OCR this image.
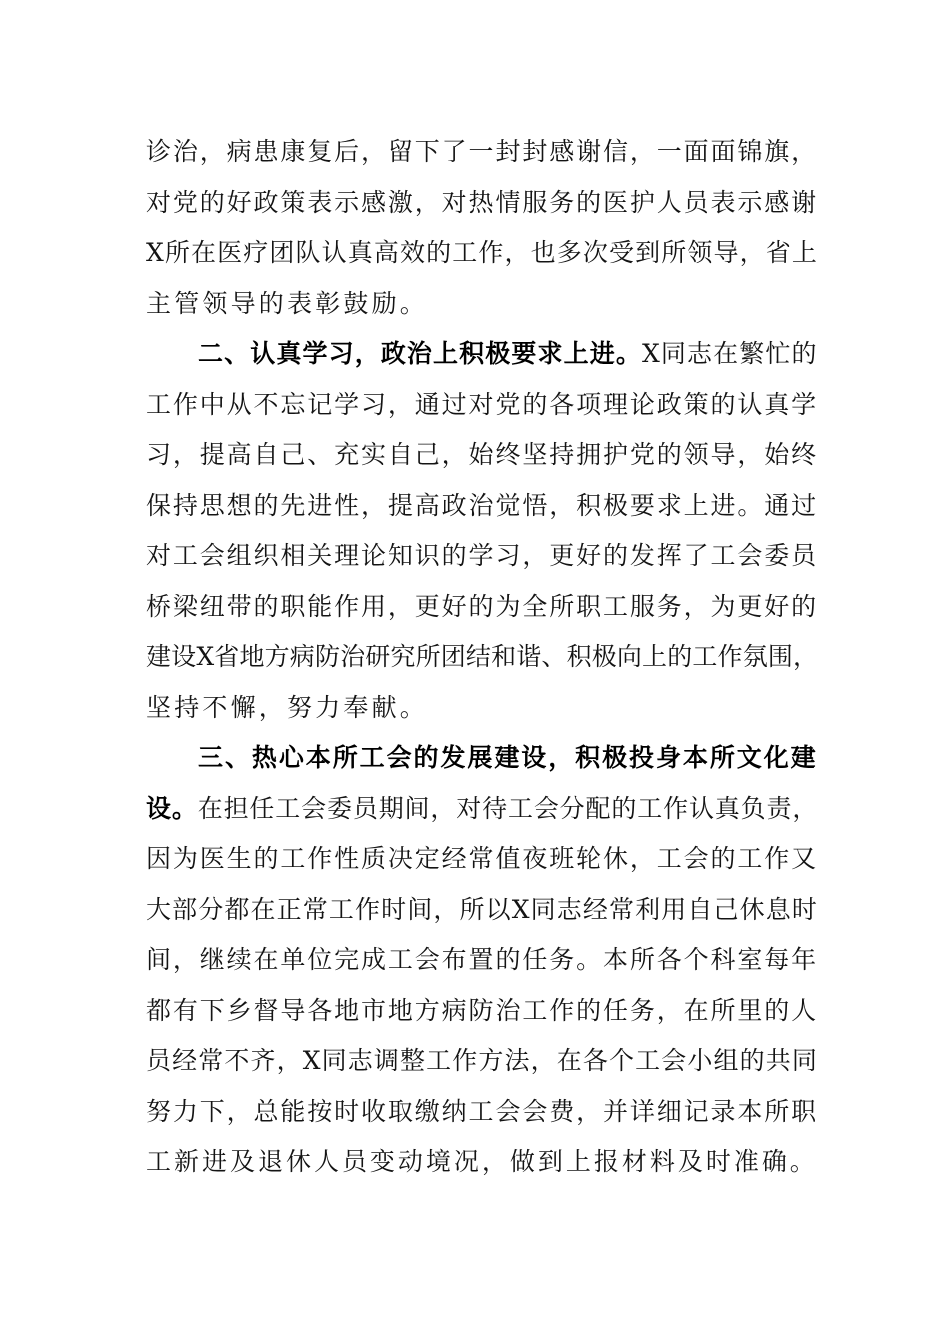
诊治，病患康复后，留下了一封封感谢信，一面面锦旗，
对党的好政策表示感激，对热情服务的医护人员表示感谢
X所在医疗团队认真高效的工作，也多次受到所领导，省上
主管领导的表彰鼓励。
二、认真学习，政治上积极要求上进。X同志在繁忙的
工作中从不忘记学习，通过对党的各项理论政策的认真学
习，提高自己、充实自己，始终坚持拥护党的领导，始终
保持思想的先进性，提高政治觉悟，积极要求上进。通过
对工会组织相关理论知识的学习，更好的发挥了工会委员
桥梁纽带的职能作用，更好的为全所职工服务，为更好的
建设X省地方病防治研究所团结和谐、积极向上的工作氛围，
坚持不懈，努力奉献。
三、热心本所工会的发展建设，积极投身本所文化建
设。在担任工会委员期间，对待工会分配的工作认真负责，
因为医生的工作性质决定经常值夜班轮休，工会的工作又
大部分都在正常工作时间，所以X同志经常利用自己休息时
间，继续在单位完成工会布置的任务。本所各个科室每年
都有下乡督导各地市地方病防治工作的任务，在所里的人
员经常不齐，X同志调整工作方法，在各个工会小组的共同
努力下，总能按时收取缴纳工会会费，并详细记录本所职
工新进及退休人员变动境况，做到上报材料及时准确。
